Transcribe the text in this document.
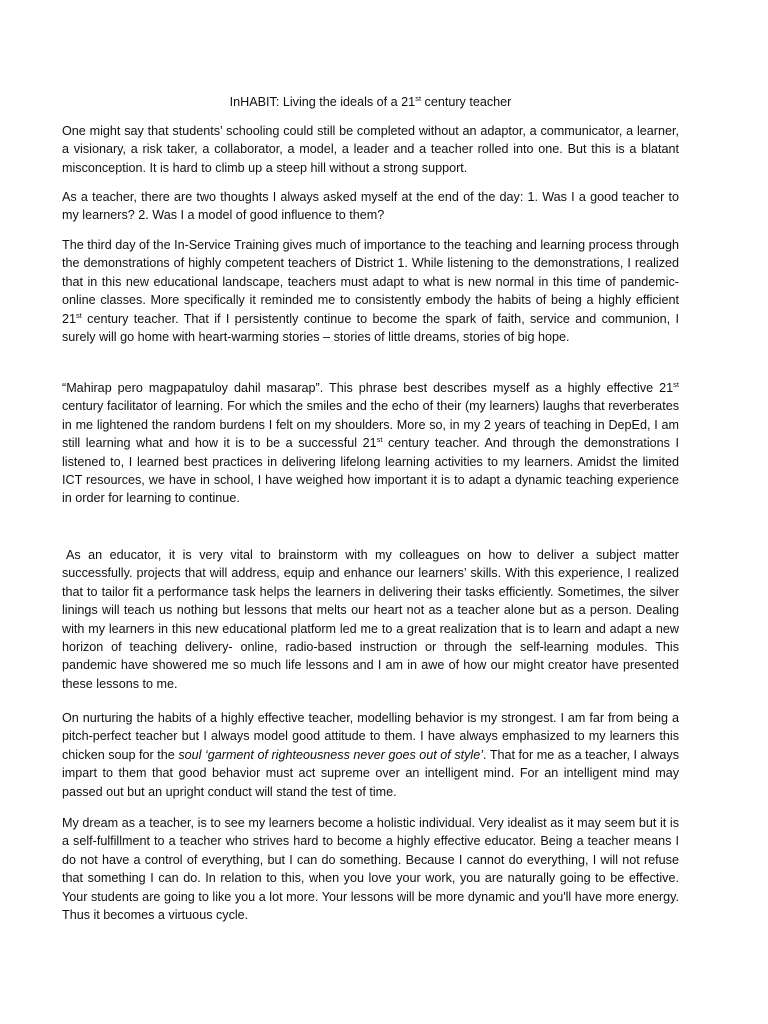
InHABIT: Living the ideals of a 21st century teacher

One might say that students’ schooling could still be completed without an adaptor, a communicator, a learner, a visionary, a risk taker, a collaborator, a model, a leader and a teacher rolled into one. But this is a blatant misconception. It is hard to climb up a steep hill without a strong support.

As a teacher, there are two thoughts I always asked myself at the end of the day: 1. Was I a good teacher to my learners? 2. Was I a model of good influence to them?

The third day of the In-Service Training gives much of importance to the teaching and learning process through the demonstrations of highly competent teachers of District 1. While listening to the demonstrations, I realized that in this new educational landscape, teachers must adapt to what is new normal in this time of pandemic- online classes. More specifically it reminded me to consistently embody the habits of being a highly efficient 21st century teacher. That if I persistently continue to become the spark of faith, service and communion, I surely will go home with heart-warming stories – stories of little dreams, stories of big hope.

“Mahirap pero magpapatuloy dahil masarap”. This phrase best describes myself as a highly effective 21st century facilitator of learning. For which the smiles and the echo of their (my learners) laughs that reverberates in me lightened the random burdens I felt on my shoulders. More so, in my 2 years of teaching in DepEd, I am still learning what and how it is to be a successful 21st century teacher. And through the demonstrations I listened to, I learned best practices in delivering lifelong learning activities to my learners. Amidst the limited ICT resources, we have in school, I have weighed how important it is to adapt a dynamic teaching experience in order for learning to continue.

As an educator, it is very vital to brainstorm with my colleagues on how to deliver a subject matter successfully. projects that will address, equip and enhance our learners’ skills. With this experience, I realized that to tailor fit a performance task helps the learners in delivering their tasks efficiently. Sometimes, the silver linings will teach us nothing but lessons that melts our heart not as a teacher alone but as a person. Dealing with my learners in this new educational platform led me to a great realization that is to learn and adapt a new horizon of teaching delivery- online, radio-based instruction or through the self-learning modules. This pandemic have showered me so much life lessons and I am in awe of how our might creator have presented these lessons to me.

On nurturing the habits of a highly effective teacher, modelling behavior is my strongest. I am far from being a pitch-perfect teacher but I always model good attitude to them. I have always emphasized to my learners this chicken soup for the soul ‘garment of righteousness never goes out of style’. That for me as a teacher, I always impart to them that good behavior must act supreme over an intelligent mind. For an intelligent mind may passed out but an upright conduct will stand the test of time.

My dream as a teacher, is to see my learners become a holistic individual. Very idealist as it may seem but it is a self-fulfillment to a teacher who strives hard to become a highly effective educator. Being a teacher means I do not have a control of everything, but I can do something. Because I cannot do everything, I will not refuse that something I can do. In relation to this, when you love your work, you are naturally going to be effective. Your students are going to like you a lot more. Your lessons will be more dynamic and you'll have more energy. Thus it becomes a virtuous cycle.
